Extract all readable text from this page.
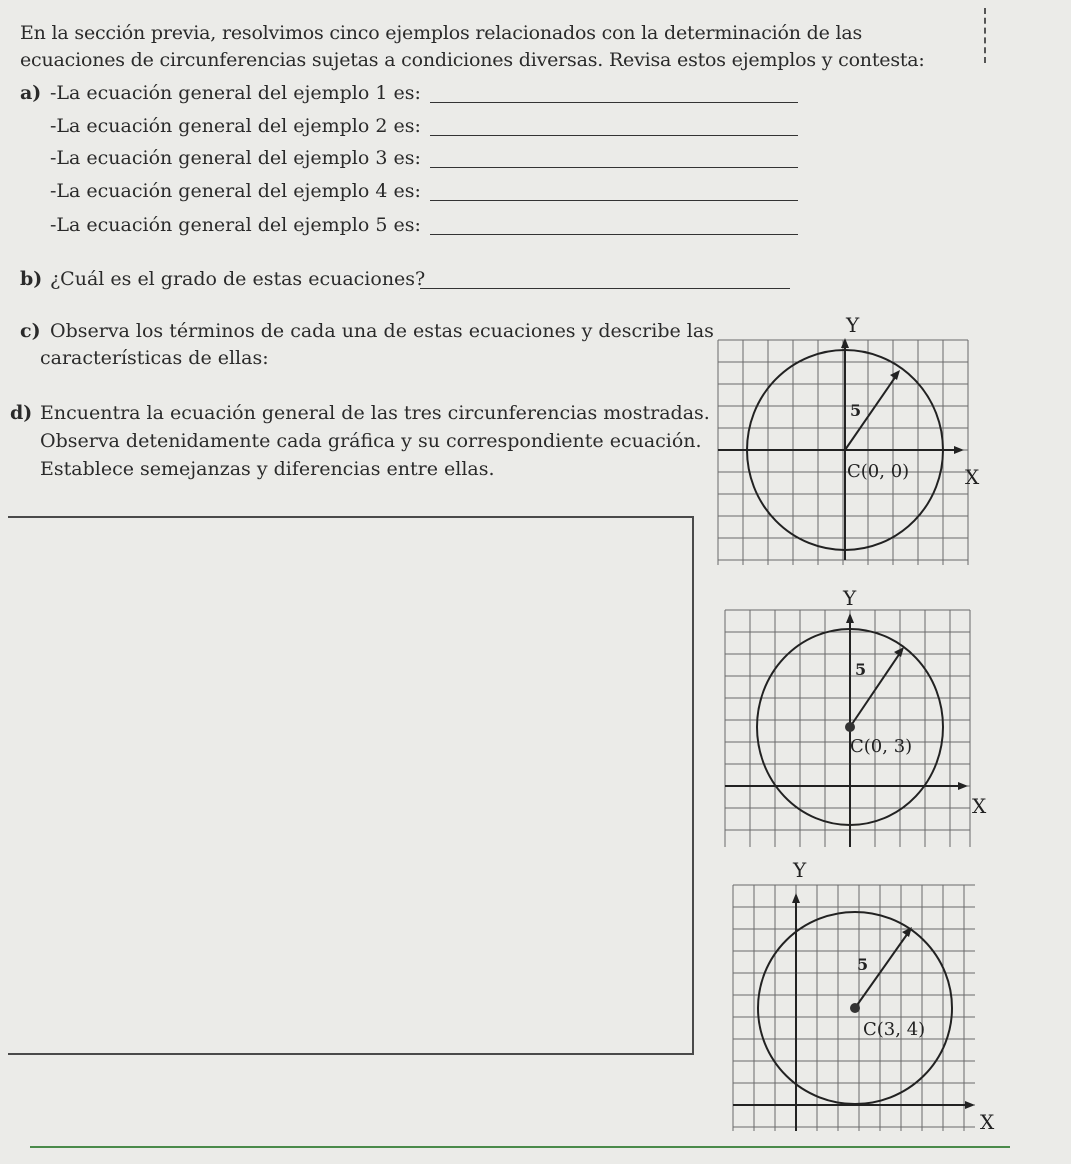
En la sección previa, resolvimos cinco ejemplos relacionados con la determinación de las ecuaciones de circunferencias sujetas a condiciones diversas. Revisa estos ejemplos y contesta:
a) -La ecuación general del ejemplo 1 es:
-La ecuación general del ejemplo 2 es:
-La ecuación general del ejemplo 3 es:
-La ecuación general del ejemplo 4 es:
-La ecuación general del ejemplo 5 es:
b) ¿Cuál es el grado de estas ecuaciones?
c) Observa los términos de cada una de estas ecuaciones y describe las
características de ellas:
d) Encuentra la ecuación general de las tres circunferencias mostradas.
Observa detenidamente cada gráfica y su correspondiente ecuación.
Establece semejanzas y diferencias entre ellas.
Y
X
5
C(0, 0)
Y
X
5
C(0, 3)
Y
X
5
C(3, 4)
